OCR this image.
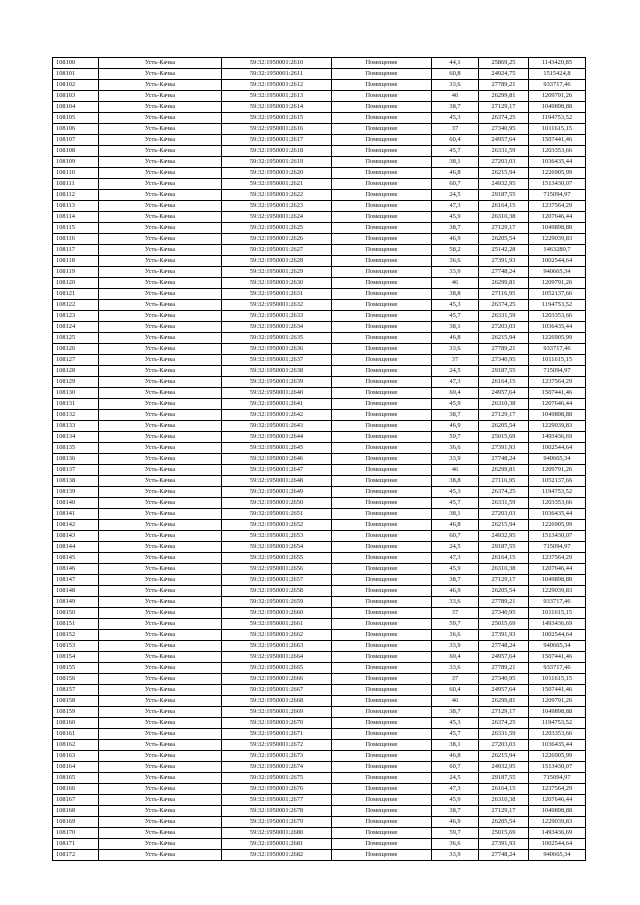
108100	Усть-Качка	59:32:1950001:2610	Помещение	44,1	25869,25	1143420,85
108101	Усть-Качка	59:32:1950001:2611	Помещение	60,8	24924,75	1515424,8
108102	Усть-Качка	59:32:1950001:2612	Помещение	33,6	27789,21	933717,46
108103	Усть-Качка	59:32:1950001:2613	Помещение	46	26299,81	1209791,26
108104	Усть-Качка	59:32:1950001:2614	Помещение	38,7	27129,17	1049898,88
108105	Усть-Качка	59:32:1950001:2615	Помещение	45,3	26374,25	1194753,52
108106	Усть-Качка	59:32:1950001:2616	Помещение	37	27340,95	1011615,15
108107	Усть-Качка	59:32:1950001:2617	Помещение	60,4	24957,64	1507441,46
108108	Усть-Качка	59:32:1950001:2618	Помещение	45,7	26331,59	1203353,66
108109	Усть-Качка	59:32:1950001:2619	Помещение	38,1	27203,03	1036435,44
108110	Усть-Качка	59:32:1950001:2620	Помещение	46,8	26215,94	1226905,99
108111	Усть-Качка	59:32:1950001:2621	Помещение	60,7	24932,95	1513430,07
108112	Усть-Качка	59:32:1950001:2622	Помещение	24,5	29187,55	715094,97
108113	Усть-Качка	59:32:1950001:2623	Помещение	47,3	26164,15	1237564,29
108114	Усть-Качка	59:32:1950001:2624	Помещение	45,9	26310,38	1207646,44
108115	Усть-Качка	59:32:1950001:2625	Помещение	38,7	27129,17	1049898,88
108116	Усть-Качка	59:32:1950001:2626	Помещение	46,9	26205,54	1229039,83
108117	Усть-Качка	59:32:1950001:2627	Помещение	58,2	25142,28	1463280,7
108118	Усть-Качка	59:32:1950001:2628	Помещение	36,6	27391,93	1002544,64
108119	Усть-Качка	59:32:1950001:2629	Помещение	33,9	27748,24	940665,34
108120	Усть-Качка	59:32:1950001:2630	Помещение	46	26299,81	1209791,26
108121	Усть-Качка	59:32:1950001:2631	Помещение	38,8	27116,95	1052137,66
108122	Усть-Качка	59:32:1950001:2632	Помещение	45,3	26374,25	1194753,52
108123	Усть-Качка	59:32:1950001:2633	Помещение	45,7	26331,59	1203353,66
108124	Усть-Качка	59:32:1950001:2634	Помещение	38,1	27203,03	1036435,44
108125	Усть-Качка	59:32:1950001:2635	Помещение	46,8	26215,94	1226905,99
108126	Усть-Качка	59:32:1950001:2636	Помещение	33,6	27789,21	933717,46
108127	Усть-Качка	59:32:1950001:2637	Помещение	37	27340,95	1011615,15
108128	Усть-Качка	59:32:1950001:2638	Помещение	24,5	29187,55	715094,97
108129	Усть-Качка	59:32:1950001:2639	Помещение	47,3	26164,15	1237564,29
108130	Усть-Качка	59:32:1950001:2640	Помещение	60,4	24957,64	1507441,46
108131	Усть-Качка	59:32:1950001:2641	Помещение	45,9	26310,38	1207646,44
108132	Усть-Качка	59:32:1950001:2642	Помещение	38,7	27129,17	1049898,88
108133	Усть-Качка	59:32:1950001:2643	Помещение	46,9	26205,54	1229039,83
108134	Усть-Качка	59:32:1950001:2644	Помещение	59,7	25015,69	1493436,69
108135	Усть-Качка	59:32:1950001:2645	Помещение	36,6	27391,93	1002544,64
108136	Усть-Качка	59:32:1950001:2646	Помещение	33,9	27748,24	940665,34
108137	Усть-Качка	59:32:1950001:2647	Помещение	46	26299,81	1209791,26
108138	Усть-Качка	59:32:1950001:2648	Помещение	38,8	27116,95	1052137,66
108139	Усть-Качка	59:32:1950001:2649	Помещение	45,3	26374,25	1194753,52
108140	Усть-Качка	59:32:1950001:2650	Помещение	45,7	26331,59	1203353,66
108141	Усть-Качка	59:32:1950001:2651	Помещение	38,1	27203,03	1036435,44
108142	Усть-Качка	59:32:1950001:2652	Помещение	46,8	26215,94	1226905,99
108143	Усть-Качка	59:32:1950001:2653	Помещение	60,7	24932,95	1513430,07
108144	Усть-Качка	59:32:1950001:2654	Помещение	24,5	29187,55	715094,97
108145	Усть-Качка	59:32:1950001:2655	Помещение	47,3	26164,15	1237564,29
108146	Усть-Качка	59:32:1950001:2656	Помещение	45,9	26310,38	1207646,44
108147	Усть-Качка	59:32:1950001:2657	Помещение	38,7	27129,17	1049898,88
108148	Усть-Качка	59:32:1950001:2658	Помещение	46,9	26205,54	1229039,83
108149	Усть-Качка	59:32:1950001:2659	Помещение	33,6	27789,21	933717,46
108150	Усть-Качка	59:32:1950001:2660	Помещение	37	27340,95	1011615,15
108151	Усть-Качка	59:32:1950001:2661	Помещение	59,7	25015,69	1493436,69
108152	Усть-Качка	59:32:1950001:2662	Помещение	36,6	27391,93	1002544,64
108153	Усть-Качка	59:32:1950001:2663	Помещение	33,9	27748,24	940665,34
108154	Усть-Качка	59:32:1950001:2664	Помещение	60,4	24957,64	1507441,46
108155	Усть-Качка	59:32:1950001:2665	Помещение	33,6	27789,21	933717,46
108156	Усть-Качка	59:32:1950001:2666	Помещение	37	27340,95	1011615,15
108157	Усть-Качка	59:32:1950001:2667	Помещение	60,4	24957,64	1507441,46
108158	Усть-Качка	59:32:1950001:2668	Помещение	46	26299,81	1209791,26
108159	Усть-Качка	59:32:1950001:2669	Помещение	38,7	27129,17	1049898,88
108160	Усть-Качка	59:32:1950001:2670	Помещение	45,3	26374,25	1194753,52
108161	Усть-Качка	59:32:1950001:2671	Помещение	45,7	26331,59	1203353,66
108162	Усть-Качка	59:32:1950001:2672	Помещение	38,1	27203,03	1036435,44
108163	Усть-Качка	59:32:1950001:2673	Помещение	46,8	26215,94	1226905,99
108164	Усть-Качка	59:32:1950001:2674	Помещение	60,7	24932,95	1513430,07
108165	Усть-Качка	59:32:1950001:2675	Помещение	24,5	29187,55	715094,97
108166	Усть-Качка	59:32:1950001:2676	Помещение	47,3	26164,15	1237564,29
108167	Усть-Качка	59:32:1950001:2677	Помещение	45,9	26310,38	1207646,44
108168	Усть-Качка	59:32:1950001:2678	Помещение	38,7	27129,17	1049898,88
108169	Усть-Качка	59:32:1950001:2679	Помещение	46,9	26205,54	1229039,83
108170	Усть-Качка	59:32:1950001:2680	Помещение	59,7	25015,69	1493436,69
108171	Усть-Качка	59:32:1950001:2681	Помещение	36,6	27391,93	1002544,64
108172	Усть-Качка	59:32:1950001:2682	Помещение	33,9	27748,24	940665,34
